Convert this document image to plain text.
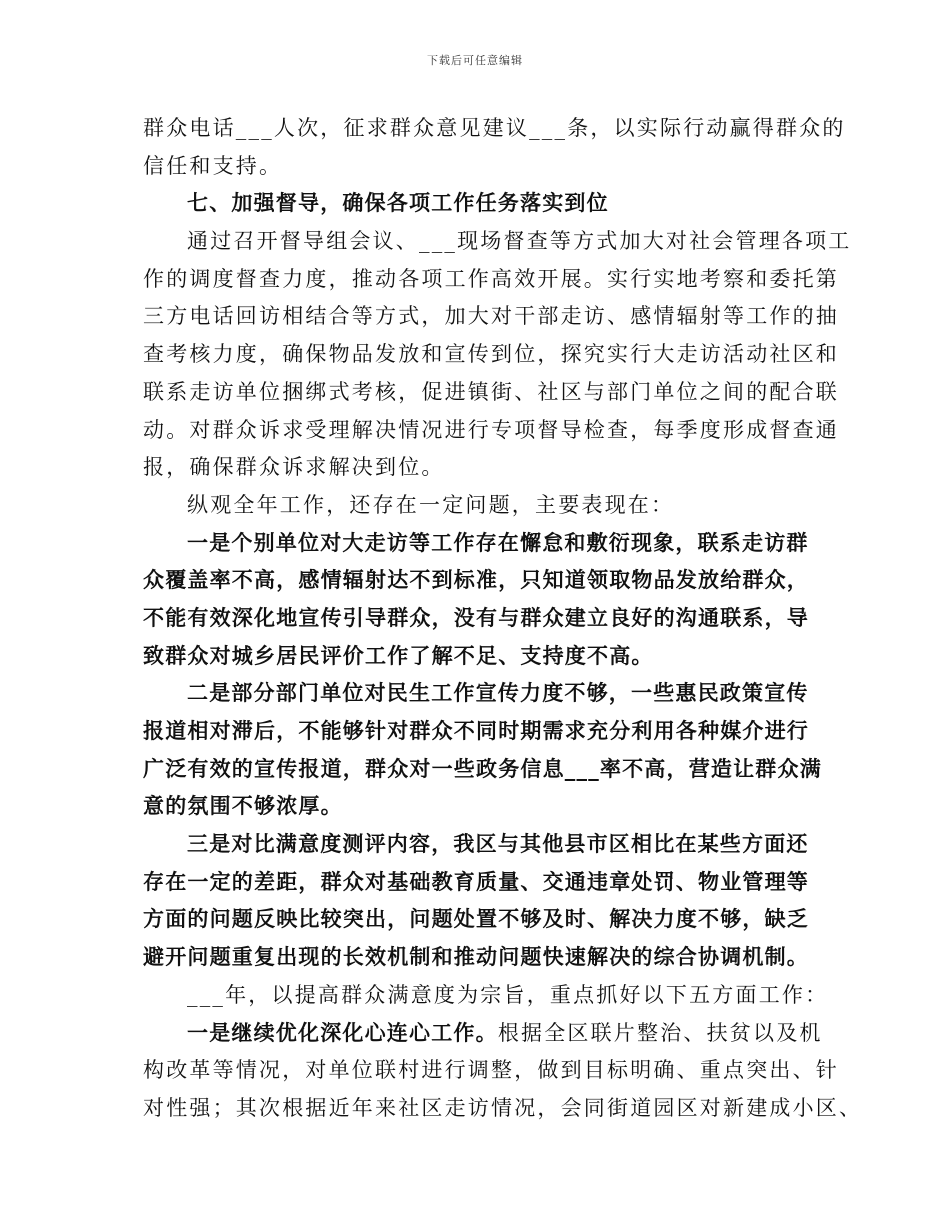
下载后可任意编辑
群众电话___人次，征求群众意见建议___条，以实际行动赢得群众的
信任和支持。
七、加强督导，确保各项工作任务落实到位
通过召开督导组会议、___现场督查等方式加大对社会管理各项工
作的调度督查力度，推动各项工作高效开展。实行实地考察和委托第
三方电话回访相结合等方式，加大对干部走访、感情辐射等工作的抽
查考核力度，确保物品发放和宣传到位，探究实行大走访活动社区和
联系走访单位捆绑式考核，促进镇街、社区与部门单位之间的配合联
动。对群众诉求受理解决情况进行专项督导检查，每季度形成督查通
报，确保群众诉求解决到位。
纵观全年工作，还存在一定问题，主要表现在：
一是个别单位对大走访等工作存在懈怠和敷衍现象，联系走访群
众覆盖率不高，感情辐射达不到标准，只知道领取物品发放给群众，
不能有效深化地宣传引导群众，没有与群众建立良好的沟通联系，导
致群众对城乡居民评价工作了解不足、支持度不高。
二是部分部门单位对民生工作宣传力度不够，一些惠民政策宣传
报道相对滞后，不能够针对群众不同时期需求充分利用各种媒介进行
广泛有效的宣传报道，群众对一些政务信息___率不高，营造让群众满
意的氛围不够浓厚。
三是对比满意度测评内容，我区与其他县市区相比在某些方面还
存在一定的差距，群众对基础教育质量、交通违章处罚、物业管理等
方面的问题反映比较突出，问题处置不够及时、解决力度不够，缺乏
避开问题重复出现的长效机制和推动问题快速解决的综合协调机制。
___年，以提高群众满意度为宗旨，重点抓好以下五方面工作：
一是继续优化深化心连心工作。根据全区联片整治、扶贫以及机
构改革等情况，对单位联村进行调整，做到目标明确、重点突出、针
对性强；其次根据近年来社区走访情况，会同街道园区对新建成小区、
